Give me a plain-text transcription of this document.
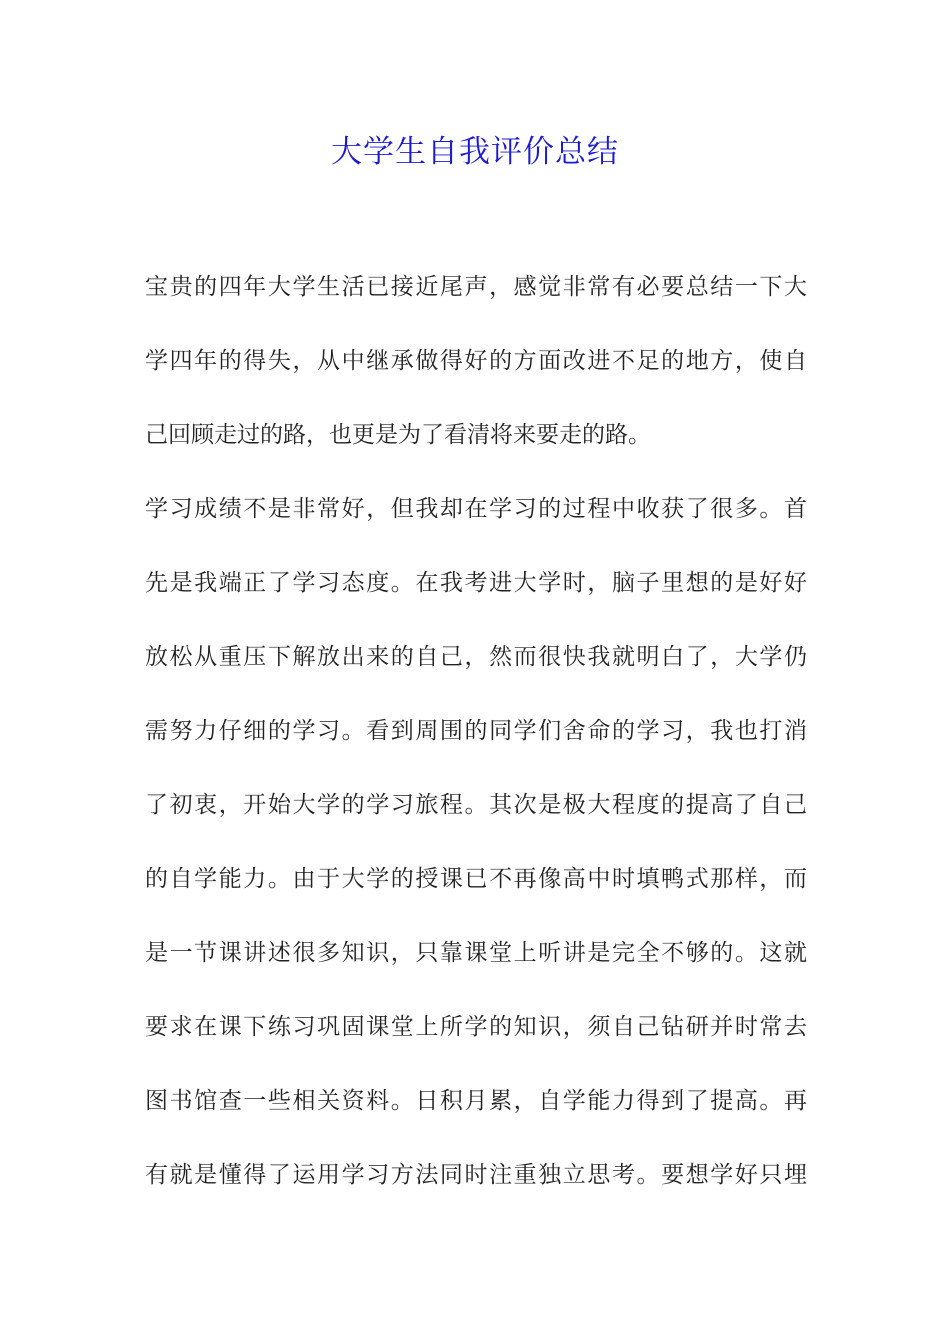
大学生自我评价总结
宝贵的四年大学生活已接近尾声，感觉非常有必要总结一下大
学四年的得失，从中继承做得好的方面改进不足的地方，使自
己回顾走过的路，也更是为了看清将来要走的路。
学习成绩不是非常好，但我却在学习的过程中收获了很多。首
先是我端正了学习态度。在我考进大学时，脑子里想的是好好
放松从重压下解放出来的自己，然而很快我就明白了，大学仍
需努力仔细的学习。看到周围的同学们舍命的学习，我也打消
了初衷，开始大学的学习旅程。其次是极大程度的提高了自己
的自学能力。由于大学的授课已不再像高中时填鸭式那样，而
是一节课讲述很多知识，只靠课堂上听讲是完全不够的。这就
要求在课下练习巩固课堂上所学的知识，须自己钻研并时常去
图书馆查一些相关资料。日积月累，自学能力得到了提高。再
有就是懂得了运用学习方法同时注重独立思考。要想学好只埋
